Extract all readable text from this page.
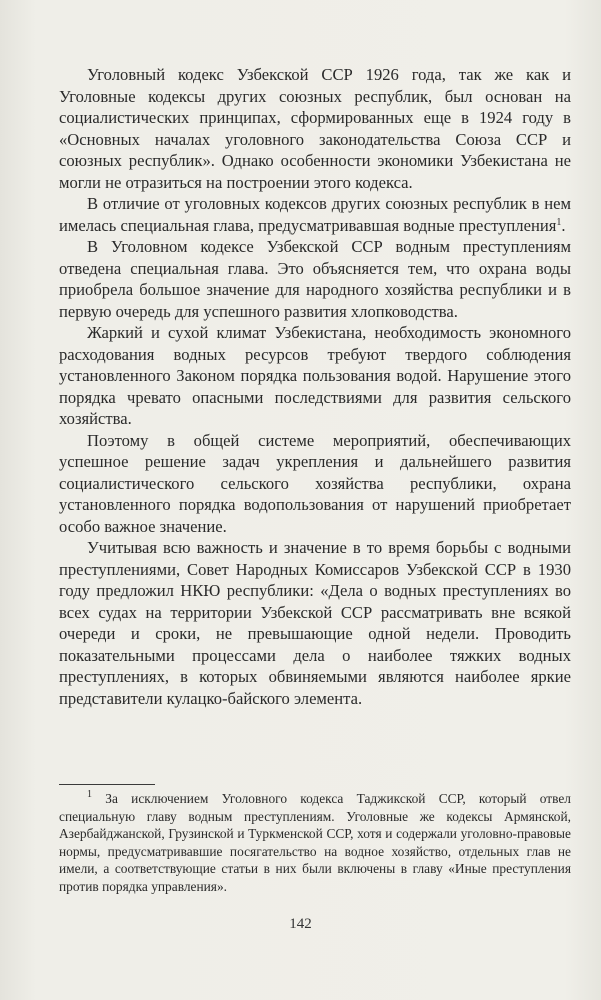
Уголовный кодекс Узбекской ССР 1926 года, так же как и Уголовные кодексы других союзных республик, был основан на социалистических принципах, сформированных еще в 1924 году в «Основных началах уголовного законодательства Союза ССР и союзных республик». Однако особенности экономики Узбекистана не могли не отразиться на построении этого кодекса.

В отличие от уголовных кодексов других союзных республик в нем имелась специальная глава, предусматривавшая водные преступления$^1$.

В Уголовном кодексе Узбекской ССР водным преступлениям отведена специальная глава. Это объясняется тем, что охрана воды приобрела большое значение для народного хозяйства республики и в первую очередь для успешного развития хлопководства.

Жаркий и сухой климат Узбекистана, необходимость экономного расходования водных ресурсов требуют твердого соблюдения установленного Законом порядка пользования водой. Нарушение этого порядка чревато опасными последствиями для развития сельского хозяйства.

Поэтому в общей системе мероприятий, обеспечивающих успешное решение задач укрепления и дальнейшего развития социалистического сельского хозяйства республики, охрана установленного порядка водопользования от нарушений приобретает особо важное значение.

Учитывая всю важность и значение в то время борьбы с водными преступлениями, Совет Народных Комиссаров Узбекской ССР в 1930 году предложил НКЮ республики: «Дела о водных преступлениях во всех судах на территории Узбекской ССР рассматривать вне всякой очереди и сроки, не превышающие одной недели. Проводить показательными процессами дела о наиболее тяжких водных преступлениях, в которых обвиняемыми являются наиболее яркие представители кулацко-байского элемента.

$^1$ За исключением Уголовного кодекса Таджикской ССР, который отвел специальную главу водным преступлениям. Уголовные же кодексы Армянской, Азербайджанской, Грузинской и Туркменской ССР, хотя и содержали уголовно-правовые нормы, предусматривавшие посягательство на водное хозяйство, отдельных глав не имели, а соответствующие статьи в них были включены в главу «Иные преступления против порядка управления».

142
